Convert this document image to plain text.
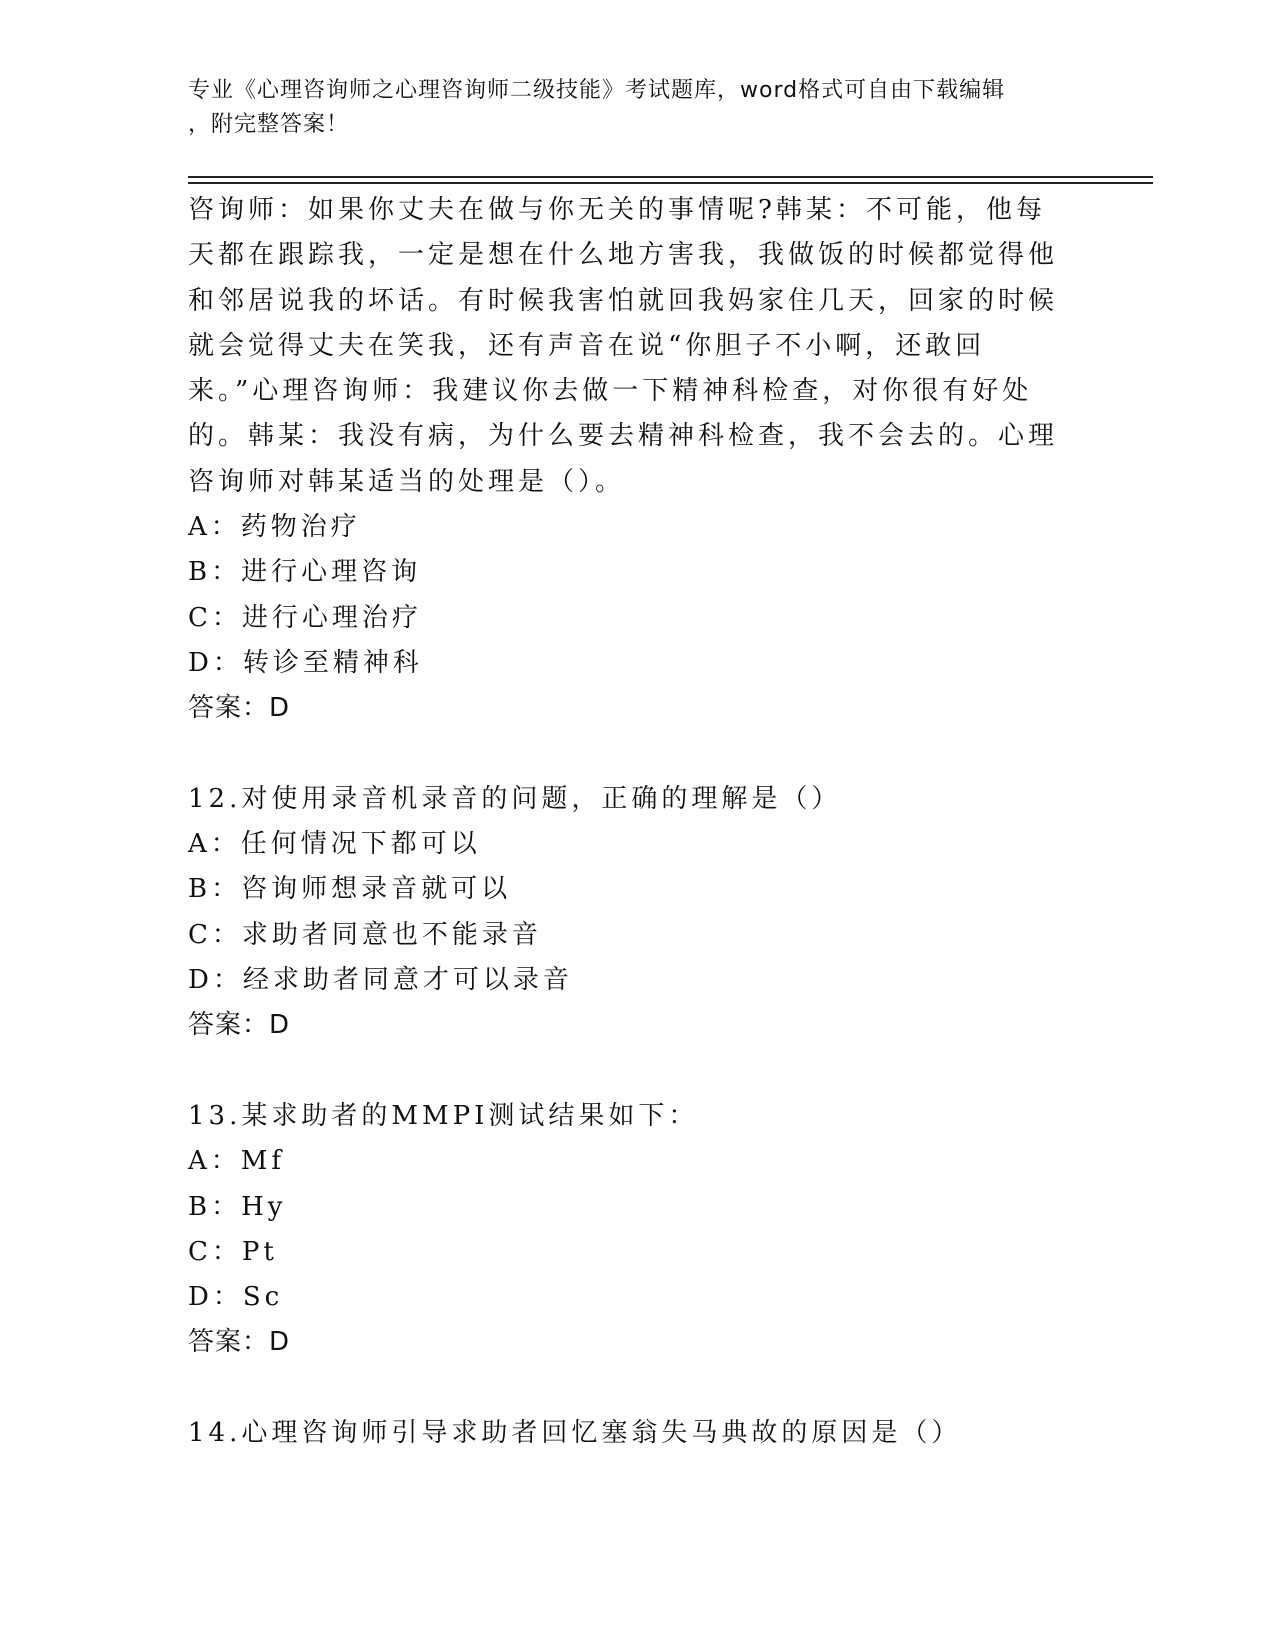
专业《心理咨询师之心理咨询师二级技能》考试题库，word格式可自由下载编辑
，附完整答案！

咨询师：如果你丈夫在做与你无关的事情呢?韩某：不可能，他每天都在跟踪我，一定是想在什么地方害我，我做饭的时候都觉得他和邻居说我的坏话。有时候我害怕就回我妈家住几天，回家的时候就会觉得丈夫在笑我，还有声音在说“你胆子不小啊，还敢回来。”心理咨询师：我建议你去做一下精神科检查，对你很有好处的。韩某：我没有病，为什么要去精神科检查，我不会去的。心理咨询师对韩某适当的处理是（）。

A：药物治疗
B：进行心理咨询
C：进行心理治疗
D：转诊至精神科
答案：D
12.对使用录音机录音的问题，正确的理解是（）
A：任何情况下都可以
B：咨询师想录音就可以
C：求助者同意也不能录音
D：经求助者同意才可以录音
答案：D
13.某求助者的MMPI测试结果如下：
A：Mf
B：Hy
C：Pt
D：Sc
答案：D
14.心理咨询师引导求助者回忆塞翁失马典故的原因是（）
